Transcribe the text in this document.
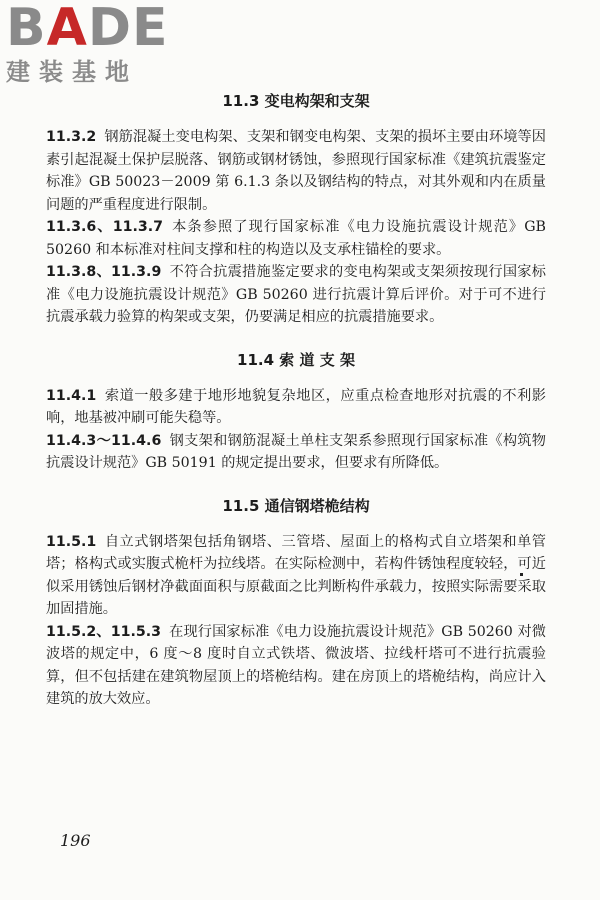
BADE
建装基地
11.3 变电构架和支架

11.3.2 钢筋混凝土变电构架、支架和钢变电构架、支架的损坏主要由环境等因素引起混凝土保护层脱落、钢筋或钢材锈蚀，参照现行国家标准《建筑抗震鉴定标准》GB 50023－2009 第 6.1.3 条以及钢结构的特点，对其外观和内在质量问题的严重程度进行限制。

11.3.6、11.3.7 本条参照了现行国家标准《电力设施抗震设计规范》GB 50260 和本标准对柱间支撑和柱的构造以及支承柱锚栓的要求。

11.3.8、11.3.9 不符合抗震措施鉴定要求的变电构架或支架须按现行国家标准《电力设施抗震设计规范》GB 50260 进行抗震计算后评价。对于可不进行抗震承载力验算的构架或支架，仍要满足相应的抗震措施要求。

11.4 索 道 支 架

11.4.1 索道一般多建于地形地貌复杂地区，应重点检查地形对抗震的不利影响，地基被冲刷可能失稳等。

11.4.3～11.4.6 钢支架和钢筋混凝土单柱支架系参照现行国家标准《构筑物抗震设计规范》GB 50191 的规定提出要求，但要求有所降低。

11.5 通信钢塔桅结构

11.5.1 自立式钢塔架包括角钢塔、三管塔、屋面上的格构式自立塔架和单管塔；格构式或实腹式桅杆为拉线塔。在实际检测中，若构件锈蚀程度较轻，可近似采用锈蚀后钢材净截面面积与原截面之比判断构件承载力，按照实际需要采取加固措施。

11.5.2、11.5.3 在现行国家标准《电力设施抗震设计规范》GB 50260 对微波塔的规定中，6 度～8 度时自立式铁塔、微波塔、拉线杆塔可不进行抗震验算，但不包括建在建筑物屋顶上的塔桅结构。建在房顶上的塔桅结构，尚应计入建筑的放大效应。

196
